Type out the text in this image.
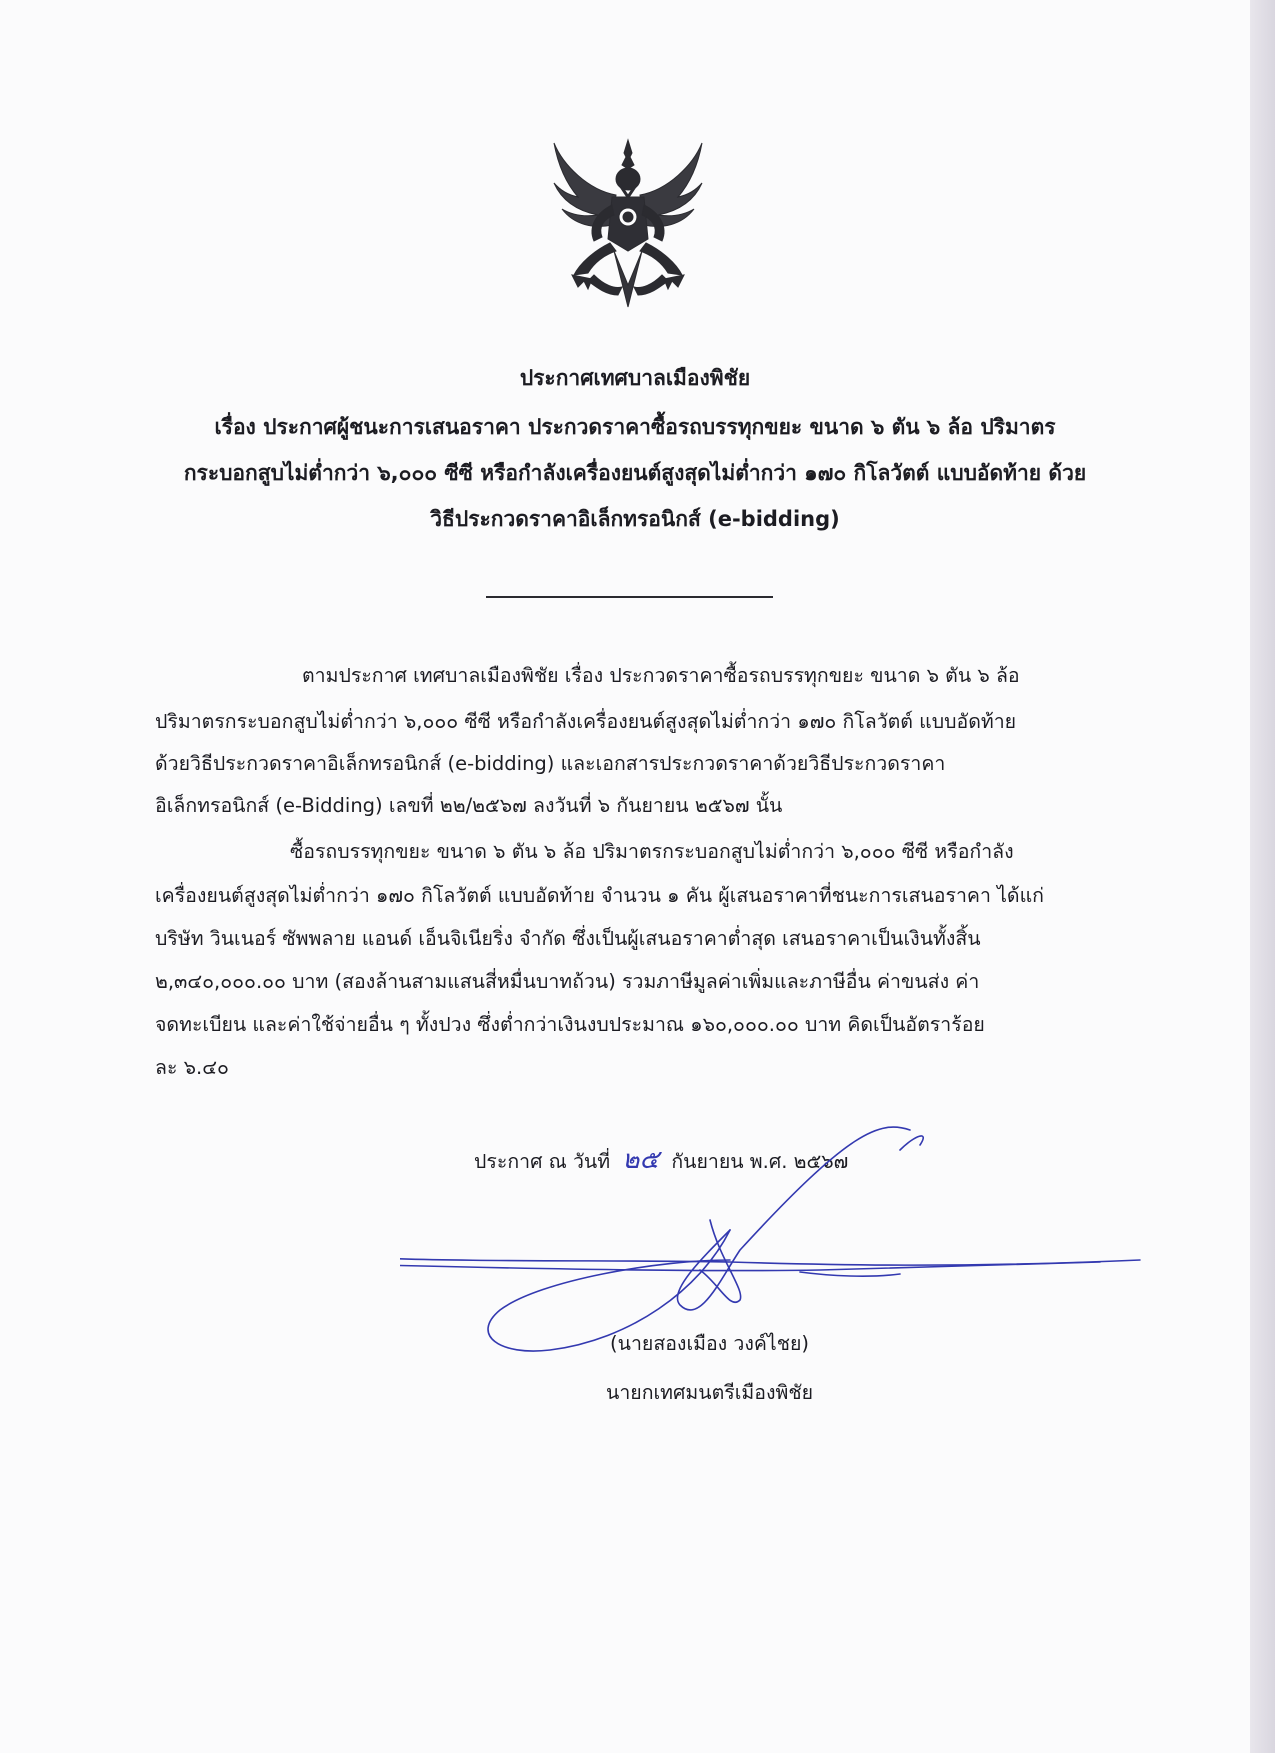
ประกาศเทศบาลเมืองพิชัย
เรื่อง ประกาศผู้ชนะการเสนอราคา ประกวดราคาซื้อรถบรรทุกขยะ ขนาด ๖ ตัน ๖ ล้อ ปริมาตร
กระบอกสูบไม่ต่ำกว่า ๖,๐๐๐ ซีซี หรือกำลังเครื่องยนต์สูงสุดไม่ต่ำกว่า ๑๗๐ กิโลวัตต์ แบบอัดท้าย ด้วย
วิธีประกวดราคาอิเล็กทรอนิกส์ (e-bidding)
ตามประกาศ เทศบาลเมืองพิชัย เรื่อง ประกวดราคาซื้อรถบรรทุกขยะ ขนาด ๖ ตัน ๖ ล้อ
ปริมาตรกระบอกสูบไม่ต่ำกว่า ๖,๐๐๐ ซีซี หรือกำลังเครื่องยนต์สูงสุดไม่ต่ำกว่า ๑๗๐ กิโลวัตต์ แบบอัดท้าย
ด้วยวิธีประกวดราคาอิเล็กทรอนิกส์ (e-bidding) และเอกสารประกวดราคาด้วยวิธีประกวดราคา
อิเล็กทรอนิกส์ (e-Bidding) เลขที่ ๒๒/๒๕๖๗ ลงวันที่ ๖ กันยายน ๒๕๖๗ นั้น
ซื้อรถบรรทุกขยะ ขนาด ๖ ตัน ๖ ล้อ ปริมาตรกระบอกสูบไม่ต่ำกว่า ๖,๐๐๐ ซีซี หรือกำลัง
เครื่องยนต์สูงสุดไม่ต่ำกว่า ๑๗๐ กิโลวัตต์ แบบอัดท้าย จำนวน ๑ คัน ผู้เสนอราคาที่ชนะการเสนอราคา ได้แก่
บริษัท วินเนอร์ ซัพพลาย แอนด์ เอ็นจิเนียริ่ง จำกัด ซึ่งเป็นผู้เสนอราคาต่ำสุด เสนอราคาเป็นเงินทั้งสิ้น
๒,๓๔๐,๐๐๐.๐๐ บาท (สองล้านสามแสนสี่หมื่นบาทถ้วน) รวมภาษีมูลค่าเพิ่มและภาษีอื่น ค่าขนส่ง ค่า
จดทะเบียน และค่าใช้จ่ายอื่น ๆ ทั้งปวง ซึ่งต่ำกว่าเงินงบประมาณ ๑๖๐,๐๐๐.๐๐ บาท คิดเป็นอัตราร้อย
ละ ๖.๔๐
ประกาศ ณ วันที่ ๒๕ กันยายน พ.ศ. ๒๕๖๗
(นายสองเมือง วงค์ไชย)
นายกเทศมนตรีเมืองพิชัย
